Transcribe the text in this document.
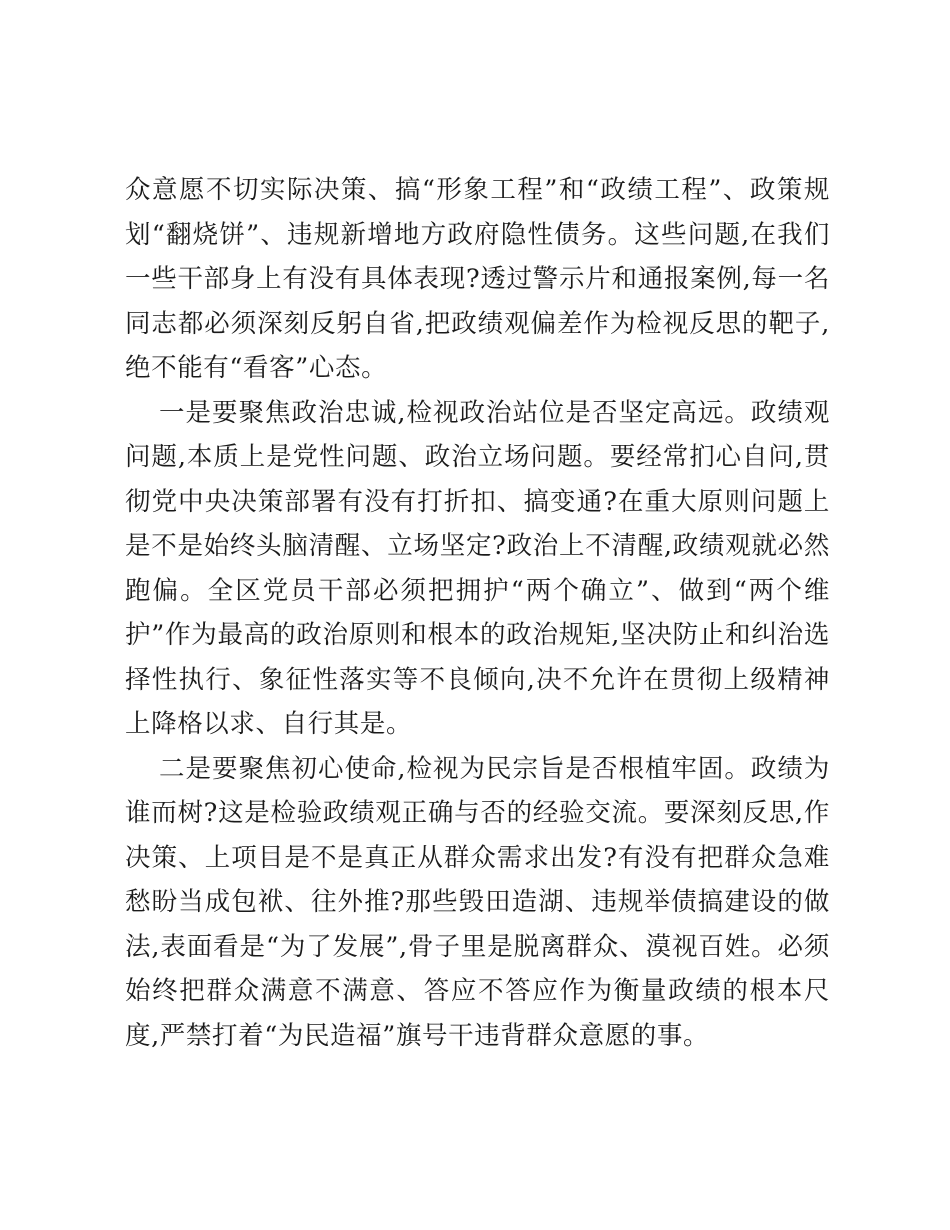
众意愿不切实际决策、搞“形象工程”和“政绩工程”、政策规划“翻烧饼”、违规新增地方政府隐性债务。这些问题,在我们一些干部身上有没有具体表现?透过警示片和通报案例,每一名同志都必须深刻反躬自省,把政绩观偏差作为检视反思的靶子,绝不能有“看客”心态。

一是要聚焦政治忠诚,检视政治站位是否坚定高远。政绩观问题,本质上是党性问题、政治立场问题。要经常扪心自问,贯彻党中央决策部署有没有打折扣、搞变通?在重大原则问题上是不是始终头脑清醒、立场坚定?政治上不清醒,政绩观就必然跑偏。全区党员干部必须把拥护“两个确立”、做到“两个维护”作为最高的政治原则和根本的政治规矩,坚决防止和纠治选择性执行、象征性落实等不良倾向,决不允许在贯彻上级精神上降格以求、自行其是。

二是要聚焦初心使命,检视为民宗旨是否根植牢固。政绩为谁而树?这是检验政绩观正确与否的经验交流。要深刻反思,作决策、上项目是不是真正从群众需求出发?有没有把群众急难愁盼当成包袱、往外推?那些毁田造湖、违规举债搞建设的做法,表面看是“为了发展”,骨子里是脱离群众、漠视百姓。必须始终把群众满意不满意、答应不答应作为衡量政绩的根本尺度,严禁打着“为民造福”旗号干违背群众意愿的事。
